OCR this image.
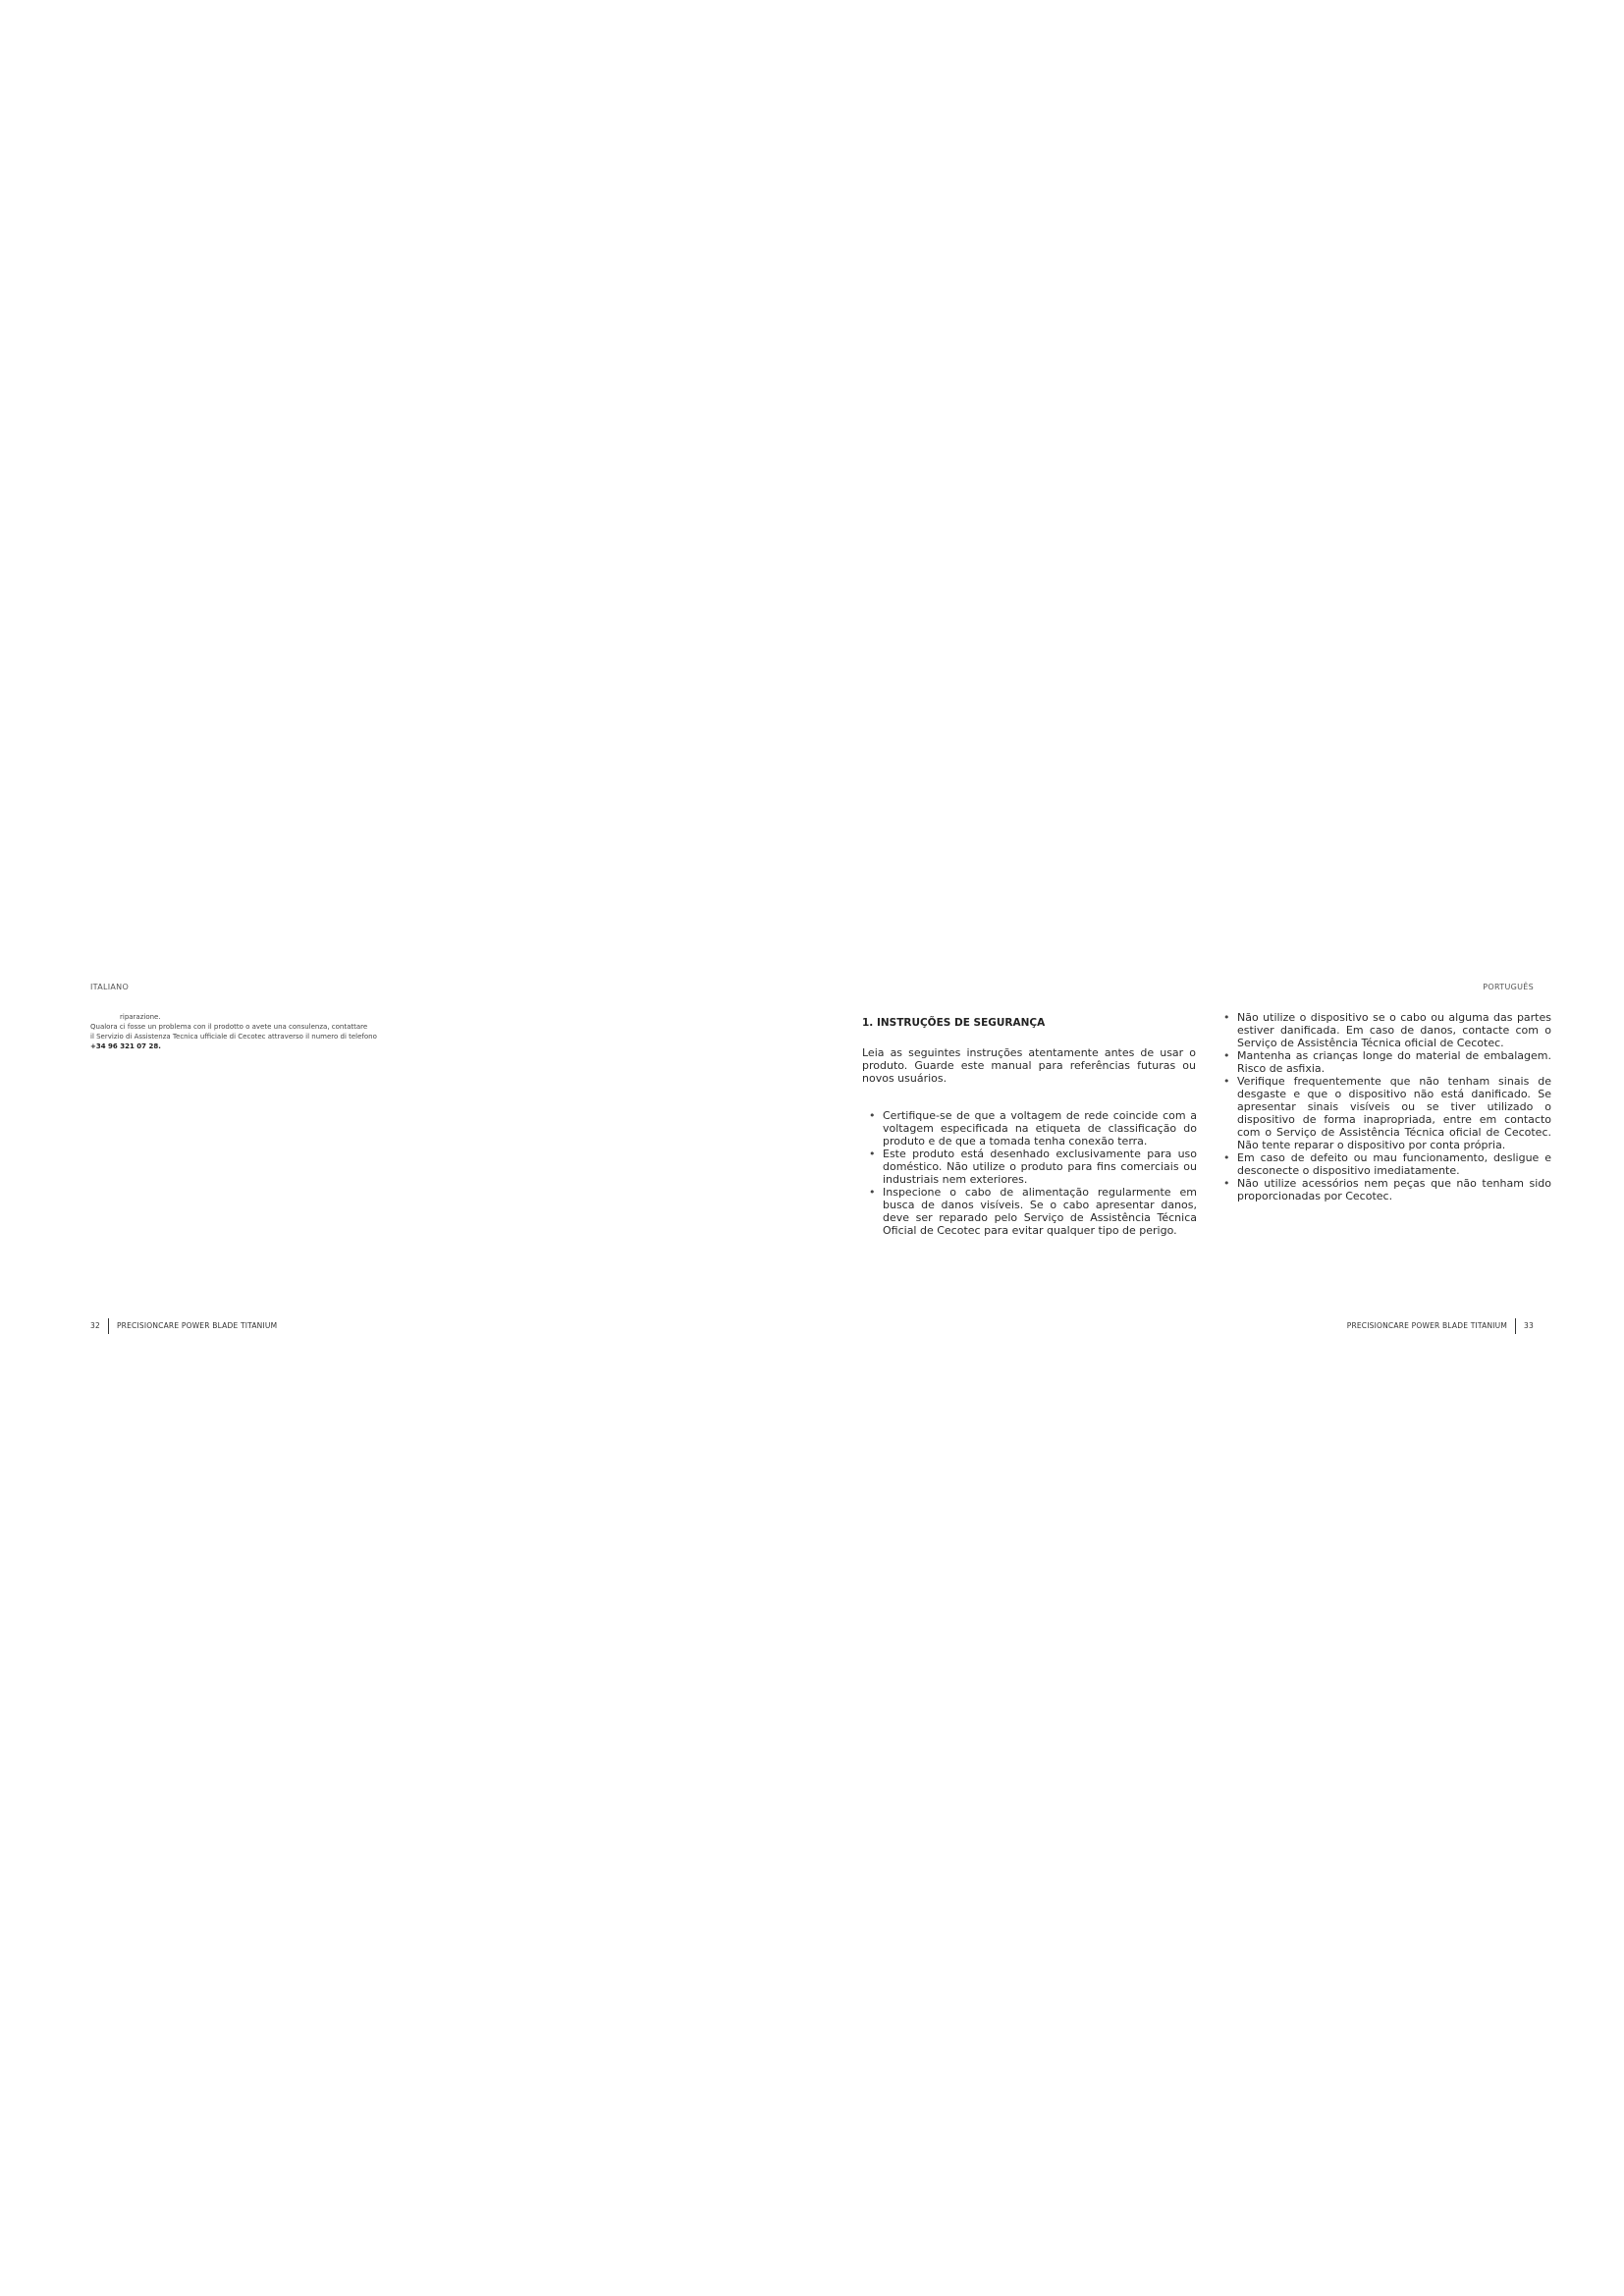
ITALIANO
riparazione.
Qualora ci fosse un problema con il prodotto o avete una consulenza, contattare
il Servizio di Assistenza Tecnica ufficiale di Cecotec attraverso il numero di telefono
+34 96 321 07 28.
32 PRECISIONCARE POWER BLADE TITANIUM
PORTUGUÊS
1. INSTRUÇÕES DE SEGURANÇA
Leia as seguintes instruções atentamente antes de usar o produto. Guarde este manual para referências futuras ou novos usuários.
• Certifique-se de que a voltagem de rede coincide com a voltagem especificada na etiqueta de classificação do produto e de que a tomada tenha conexão terra.
• Este produto está desenhado exclusivamente para uso doméstico. Não utilize o produto para fins comerciais ou industriais nem exteriores.
• Inspecione o cabo de alimentação regularmente em busca de danos visíveis. Se o cabo apresentar danos, deve ser reparado pelo Serviço de Assistência Técnica Oficial de Cecotec para evitar qualquer tipo de perigo.
• Não utilize o dispositivo se o cabo ou alguma das partes estiver danificada. Em caso de danos, contacte com o Serviço de Assistência Técnica oficial de Cecotec.
• Mantenha as crianças longe do material de embalagem. Risco de asfixia.
• Verifique frequentemente que não tenham sinais de desgaste e que o dispositivo não está danificado. Se apresentar sinais visíveis ou se tiver utilizado o dispositivo de forma inapropriada, entre em contacto com o Serviço de Assistência Técnica oficial de Cecotec. Não tente reparar o dispositivo por conta própria.
• Em caso de defeito ou mau funcionamento, desligue e desconecte o dispositivo imediatamente.
• Não utilize acessórios nem peças que não tenham sido proporcionadas por Cecotec.
PRECISIONCARE POWER BLADE TITANIUM 33
